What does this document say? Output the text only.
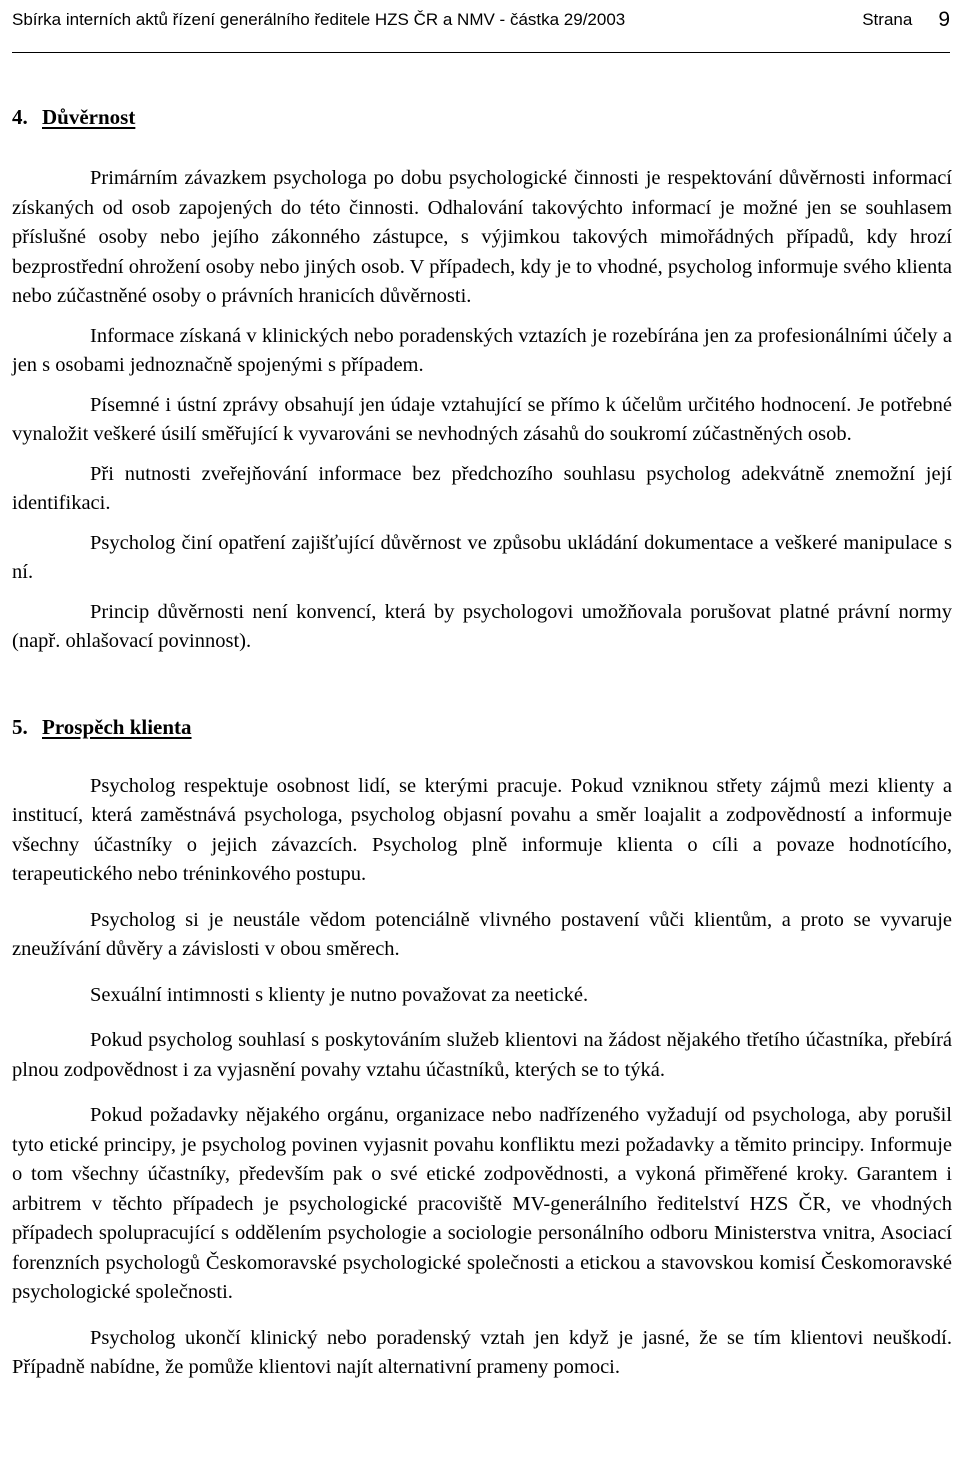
Sbírka interních aktů řízení generálního ředitele HZS ČR a NMV - částka 29/2003	Strana 9
4. Důvěrnost

Primárním závazkem psychologa po dobu psychologické činnosti je respektování důvěrnosti informací získaných od osob zapojených do této činnosti. Odhalování takovýchto informací je možné jen se souhlasem příslušné osoby nebo jejího zákonného zástupce, s výjimkou takových mimořádných případů, kdy hrozí bezprostřední ohrožení osoby nebo jiných osob. V případech, kdy je to vhodné, psycholog informuje svého klienta nebo zúčastněné osoby o právních hranicích důvěrnosti.

Informace získaná v klinických nebo poradenských vztazích je rozebírána jen za profesionálními účely a jen s osobami jednoznačně spojenými s případem.

Písemné i ústní zprávy obsahují jen údaje vztahující se přímo k účelům určitého hodnocení. Je potřebné vynaložit veškeré úsilí směřující k vyvarováni se nevhodných zásahů do soukromí zúčastněných osob.

Při nutnosti zveřejňování informace bez předchozího souhlasu psycholog adekvátně znemožní její identifikaci.

Psycholog činí opatření zajišťující důvěrnost ve způsobu ukládání dokumentace a veškeré manipulace s ní.

Princip důvěrnosti není konvencí, která by psychologovi umožňovala porušovat platné právní normy (např. ohlašovací povinnost).

5. Prospěch klienta

Psycholog respektuje osobnost lidí, se kterými pracuje. Pokud vzniknou střety zájmů mezi klienty a institucí, která zaměstnává psychologa, psycholog objasní povahu a směr loajalit a zodpovědností a informuje všechny účastníky o jejich závazcích. Psycholog plně informuje klienta o cíli a povaze hodnotícího, terapeutického nebo tréninkového postupu.

Psycholog si je neustále vědom potenciálně vlivného postavení vůči klientům, a proto se vyvaruje zneužívání důvěry a závislosti v obou směrech.

Sexuální intimnosti s klienty je nutno považovat za neetické.

Pokud psycholog souhlasí s poskytováním služeb klientovi na žádost nějakého třetího účastníka, přebírá plnou zodpovědnost i za vyjasnění povahy vztahu účastníků, kterých se to týká.

Pokud požadavky nějakého orgánu, organizace nebo nadřízeného vyžadují od psychologa, aby porušil tyto etické principy, je psycholog povinen vyjasnit povahu konfliktu mezi požadavky a těmito principy. Informuje o tom všechny účastníky, především pak o své etické zodpovědnosti, a vykoná přiměřené kroky. Garantem i arbitrem v těchto případech je psychologické pracoviště MV-generálního ředitelství HZS ČR, ve vhodných případech spolupracující s oddělením psychologie a sociologie personálního odboru Ministerstva vnitra, Asociací forenzních psychologů Českomoravské psychologické společnosti a etickou a stavovskou komisí Českomoravské psychologické společnosti.

Psycholog ukončí klinický nebo poradenský vztah jen když je jasné, že se tím klientovi neuškodí. Případně nabídne, že pomůže klientovi najít alternativní prameny pomoci.
